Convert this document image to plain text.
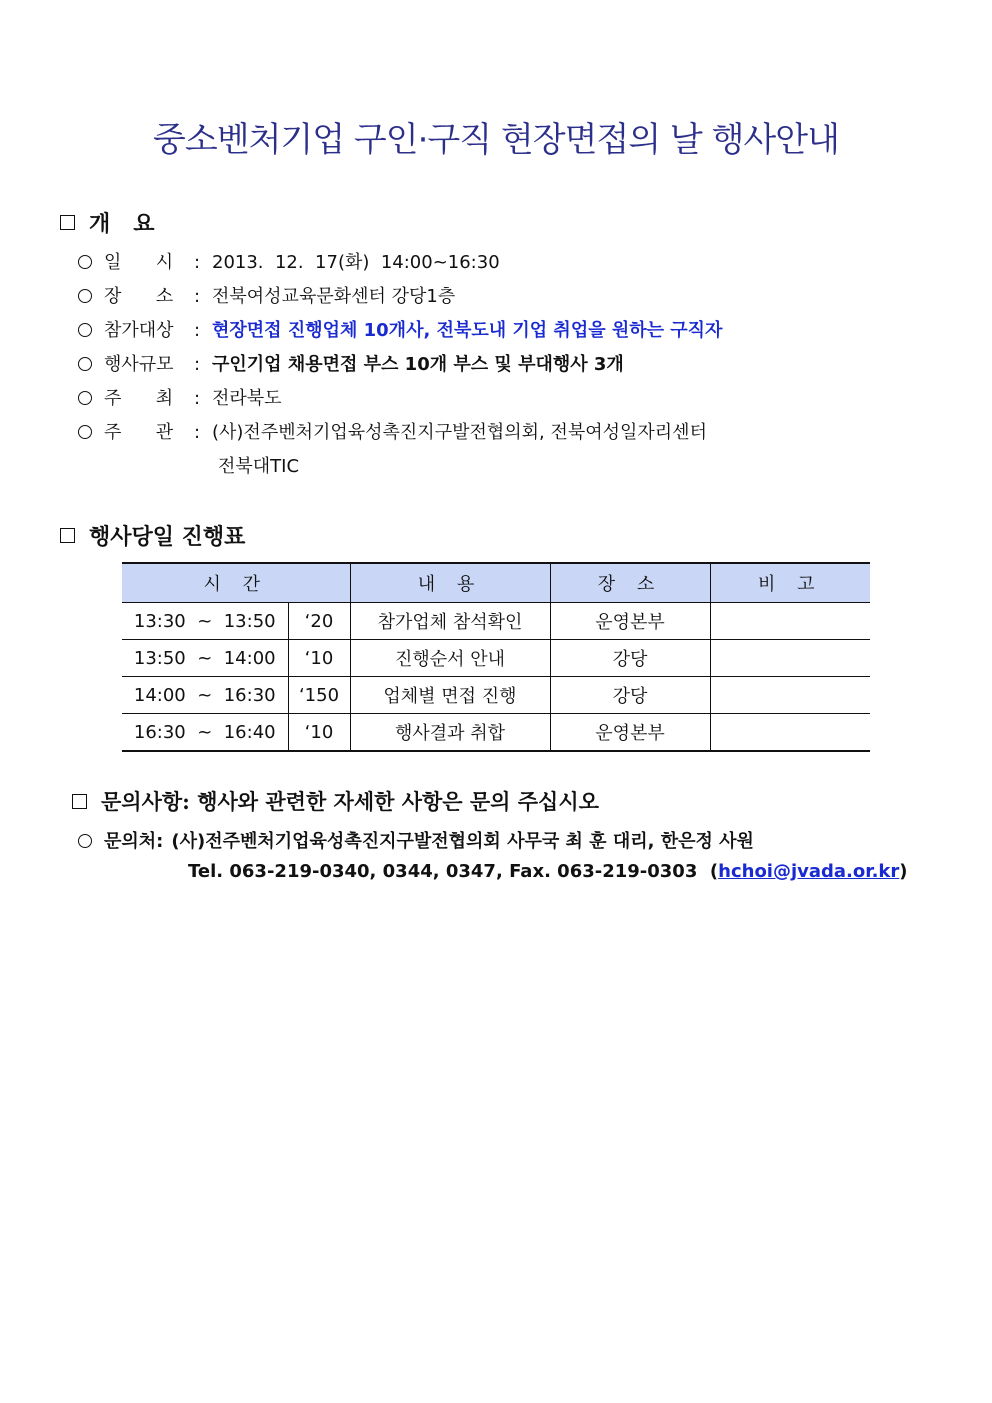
중소벤처기업 구인·구직 현장면접의 날 행사안내
개   요
일      시	: 2013.  12.  17(화)  14:00~16:30
장      소	: 전북여성교육문화센터 강당1층
참가대상	: 현장면접 진행업체 10개사, 전북도내 기업 취업을 원하는 구직자
행사규모	: 구인기업 채용면접 부스 10개 부스 및 부대행사 3개
주      최	: 전라북도
주      관	: (사)전주벤처기업육성촉진지구발전협의회, 전북여성일자리센터
전북대TIC
행사당일 진행표
시 간		내 용	장 소	비 고
13:30  ~  13:50	‘20	참가업체 참석확인	운영본부	
13:50  ~  14:00	‘10	진행순서 안내	강당	
14:00  ~  16:30	‘150	업체별 면접 진행	강당	
16:30  ~  16:40	‘10	행사결과 취합	운영본부	
문의사항: 행사와 관련한 자세한 사항은 문의 주십시오
문의처: (사)전주벤처기업육성촉진지구발전협의회 사무국 최 훈 대리, 한은정 사원
Tel. 063-219-0340, 0344, 0347, Fax. 063-219-0303  (hchoi@jvada.or.kr)
